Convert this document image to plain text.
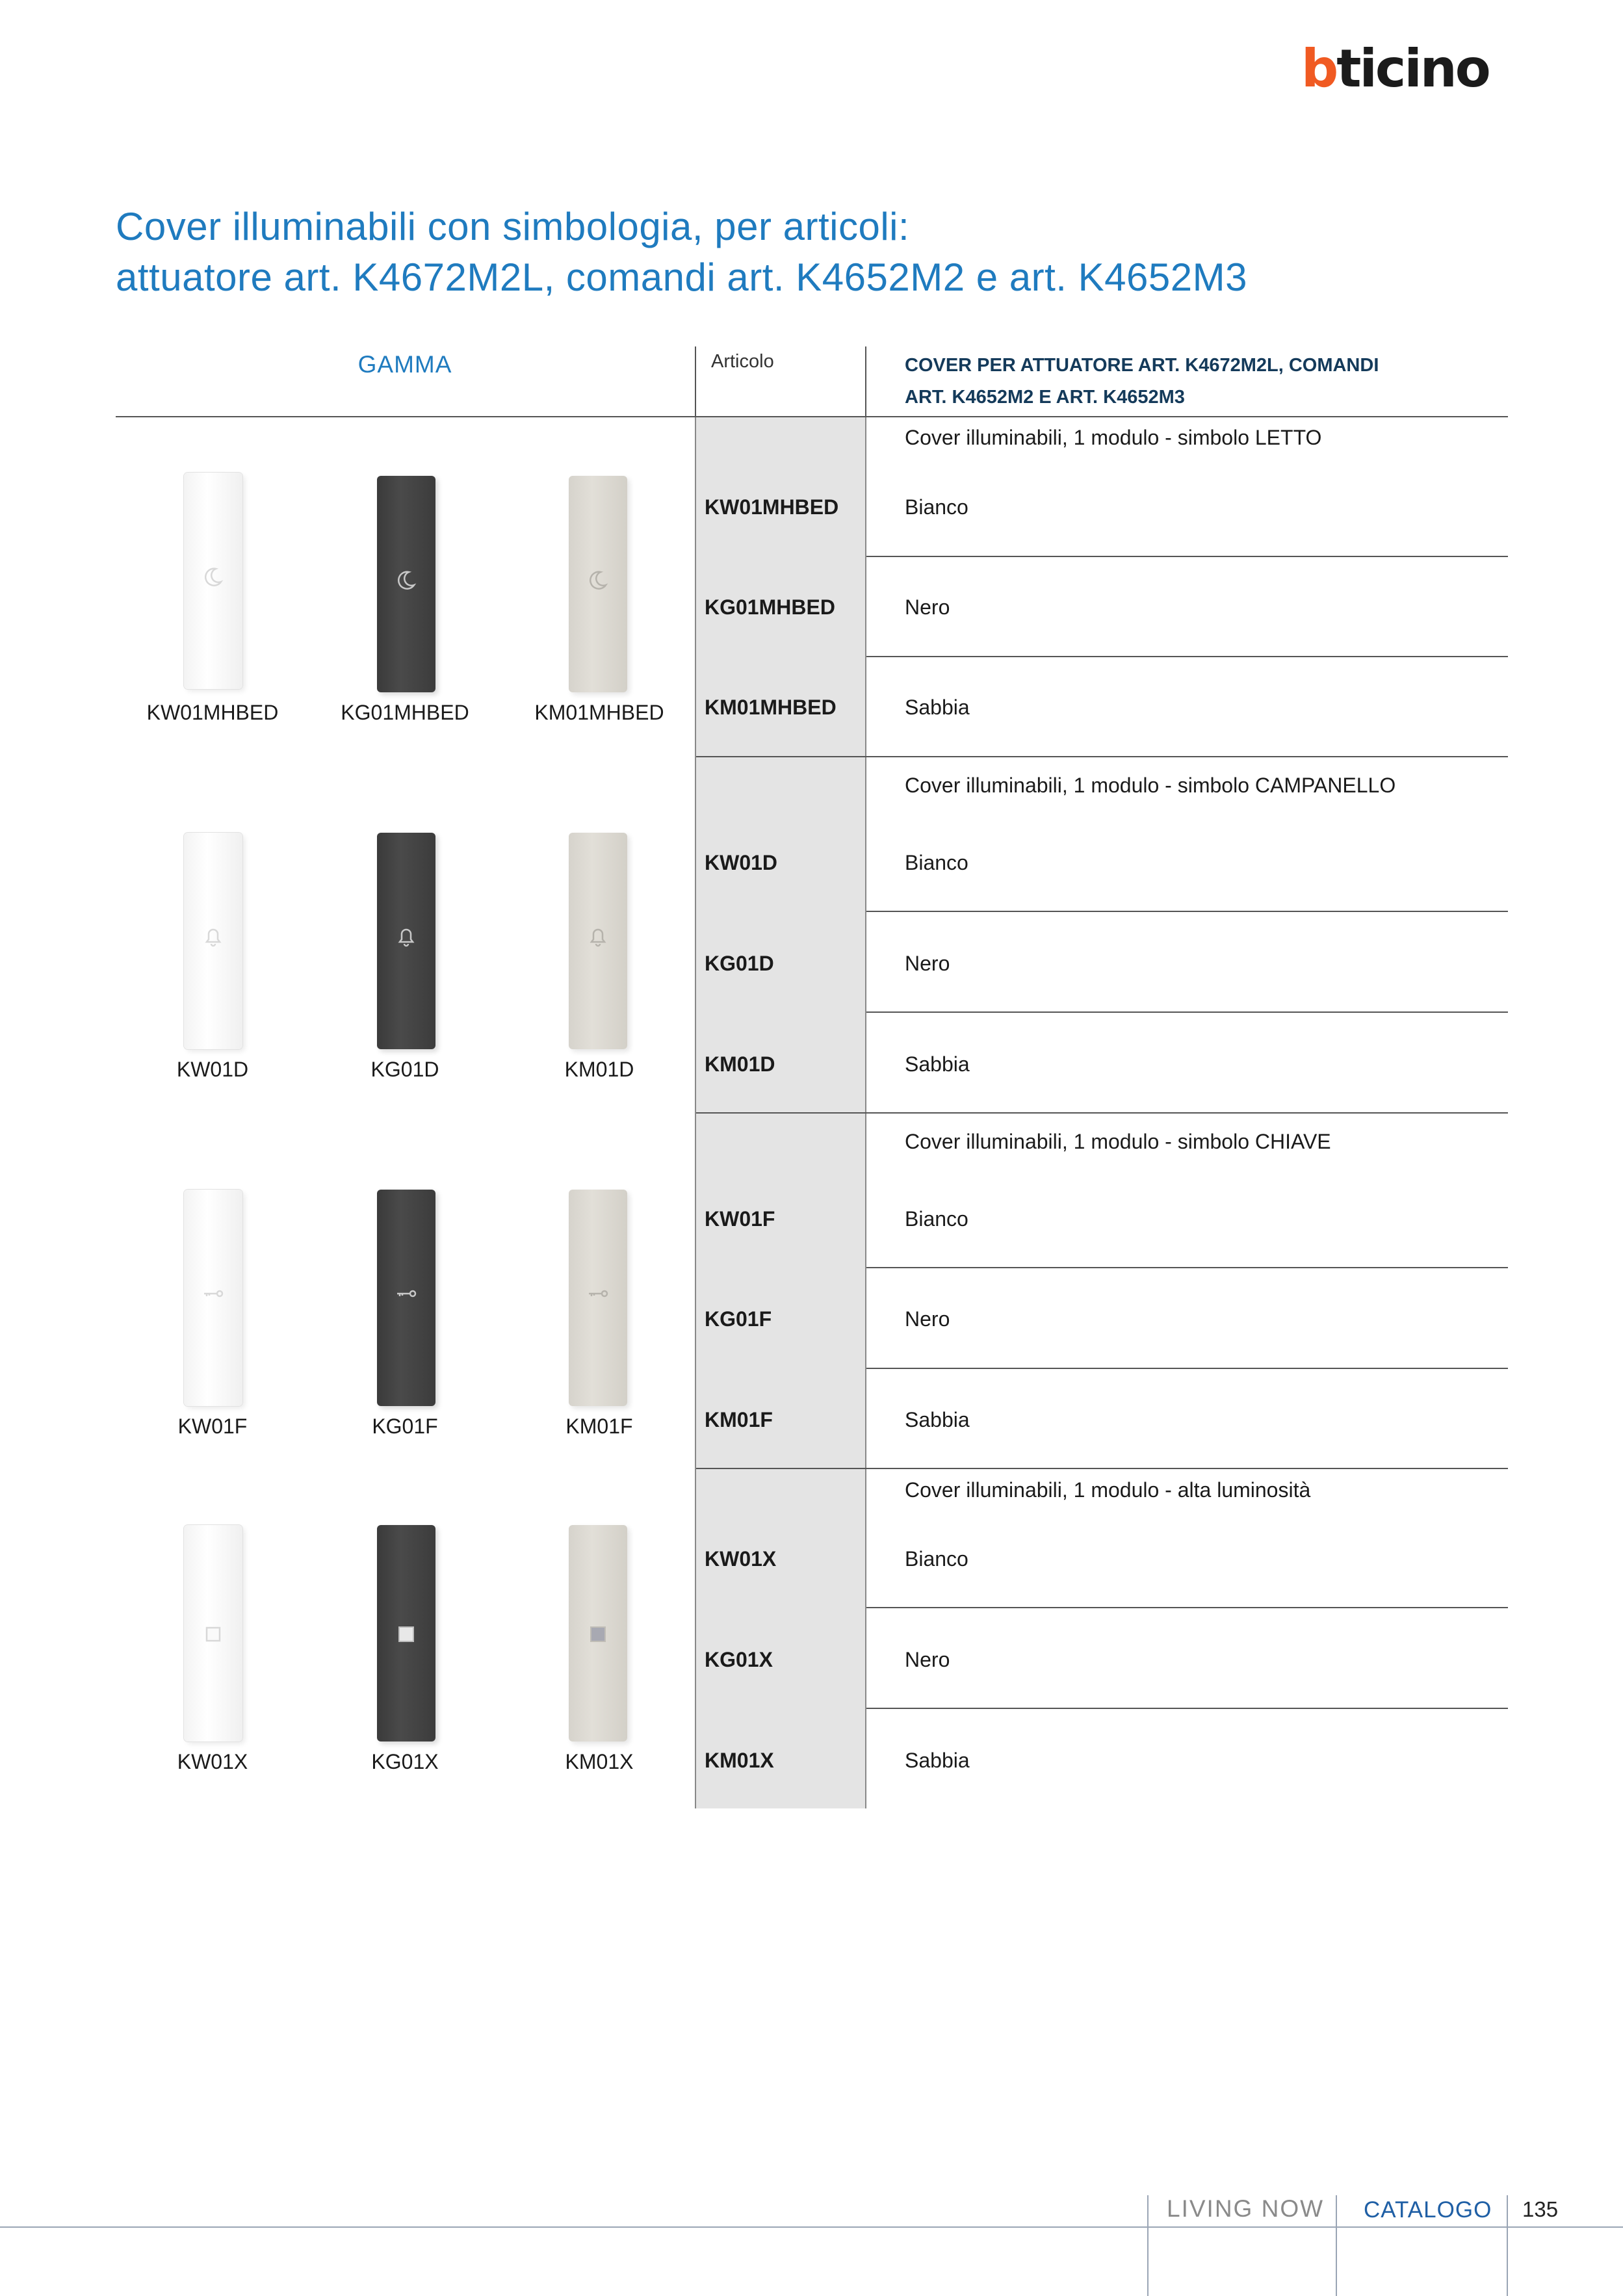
b ticino
Cover illuminabili con simbologia, per articoli:
attuatore art. K4672M2L, comandi art. K4652M2 e art. K4652M3
GAMMA	Articolo	COVER PER ATTUATORE ART. K4672M2L, COMANDI
ART. K4652M2 E ART. K4652M3
Cover illuminabili, 1 modulo - simbolo LETTO
KW01MHBED	Bianco
KG01MHBED	Nero
KM01MHBED	Sabbia
Cover illuminabili, 1 modulo - simbolo CAMPANELLO
KW01D	Bianco
KG01D	Nero
KM01D	Sabbia
Cover illuminabili, 1 modulo - simbolo CHIAVE
KW01F	Bianco
KG01F	Nero
KM01F	Sabbia
Cover illuminabili, 1 modulo - alta luminosità
KW01X	Bianco
KG01X	Nero
KM01X	Sabbia
KW01MHBED	KG01MHBED	KM01MHBED
KW01D	KG01D	KM01D
KW01F	KG01F	KM01F
KW01X	KG01X	KM01X
LIVING NOW CATALOGO 135
